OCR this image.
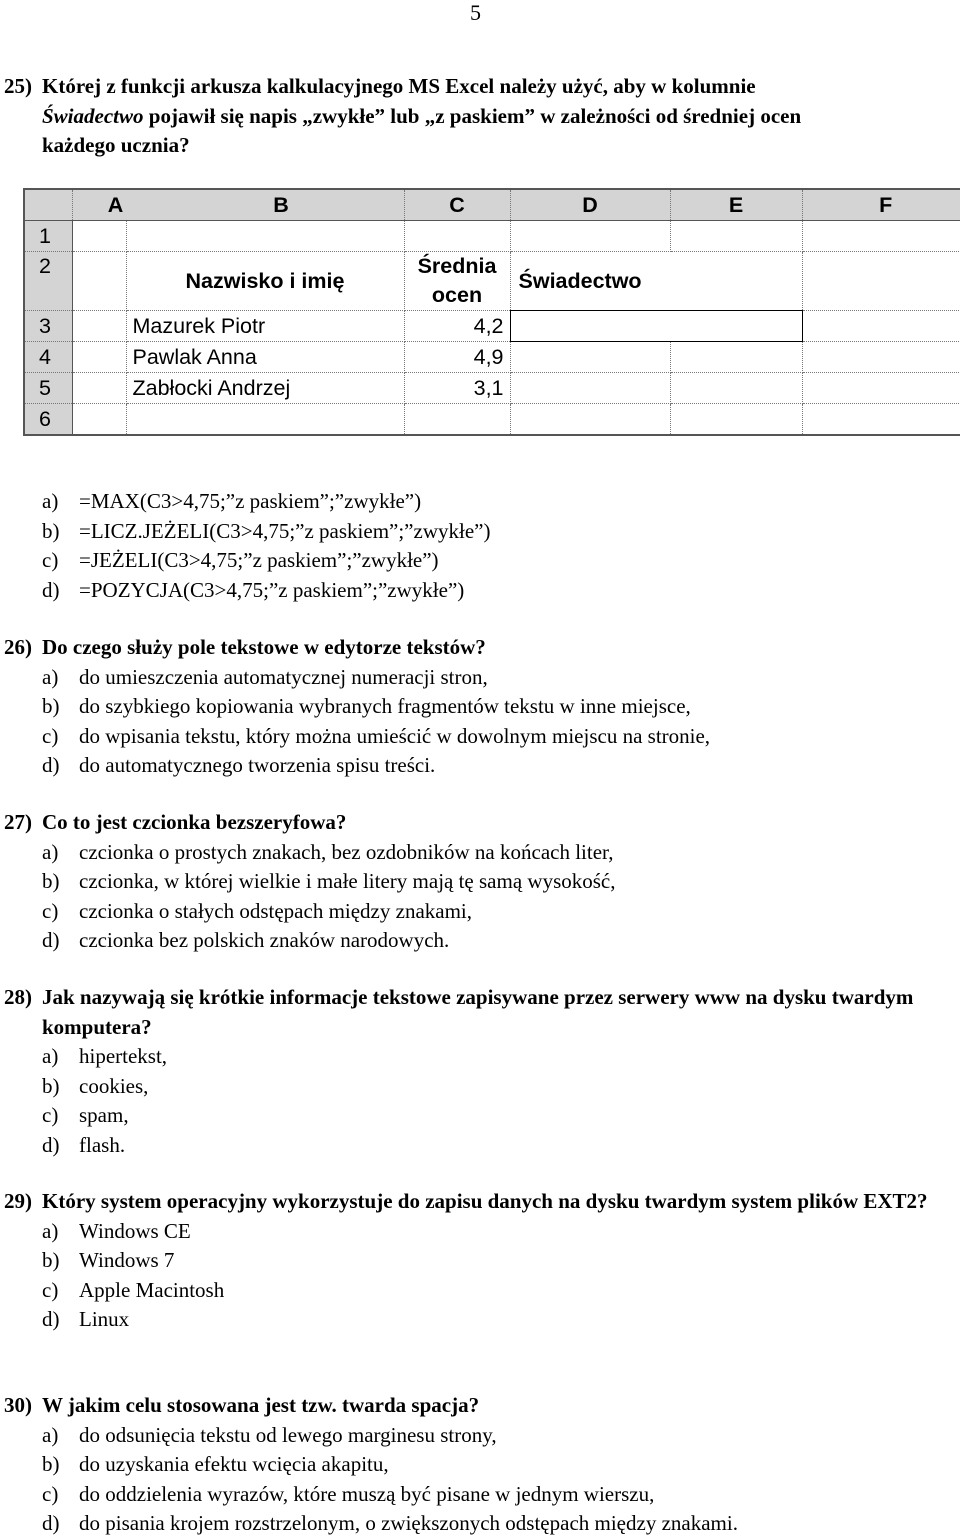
5
25) Której z funkcji arkusza kalkulacyjnego MS Excel należy użyć, aby w kolumnie
Świadectwo pojawił się napis „zwykłe” lub „z paskiem” w zależności od średniej ocen
każdego ucznia?

	A B		C	D	E	F
1						
2		Nazwisko i imię	Średnia
ocen	Świadectwo		
3		Mazurek Piotr	4,2			
4		Pawlak Anna	4,9			
5		Zabłocki Andrzej	3,1			
6						
a) =MAX(C3>4,75;”z paskiem”;”zwykłe”)
b) =LICZ.JEŻELI(C3>4,75;”z paskiem”;”zwykłe”)
c) =JEŻELI(C3>4,75;”z paskiem”;”zwykłe”)
d) =POZYCJA(C3>4,75;”z paskiem”;”zwykłe”)
26) Do czego służy pole tekstowe w edytorze tekstów?
a) do umieszczenia automatycznej numeracji stron,
b) do szybkiego kopiowania wybranych fragmentów tekstu w inne miejsce,
c) do wpisania tekstu, który można umieścić w dowolnym miejscu na stronie,
d) do automatycznego tworzenia spisu treści.
27) Co to jest czcionka bezszeryfowa?
a) czcionka o prostych znakach, bez ozdobników na końcach liter,
b) czcionka, w której wielkie i małe litery mają tę samą wysokość,
c) czcionka o stałych odstępach między znakami,
d) czcionka bez polskich znaków narodowych.
28) Jak nazywają się krótkie informacje tekstowe zapisywane przez serwery www na dysku twardym komputera?
a) hipertekst,
b) cookies,
c) spam,
d) flash.
29) Który system operacyjny wykorzystuje do zapisu danych na dysku twardym system plików EXT2?
a) Windows CE
b) Windows 7
c) Apple Macintosh
d) Linux
30) W jakim celu stosowana jest tzw. twarda spacja?
a) do odsunięcia tekstu od lewego marginesu strony,
b) do uzyskania efektu wcięcia akapitu,
c) do oddzielenia wyrazów, które muszą być pisane w jednym wierszu,
d) do pisania krojem rozstrzelonym, o zwiększonych odstępach między znakami.
